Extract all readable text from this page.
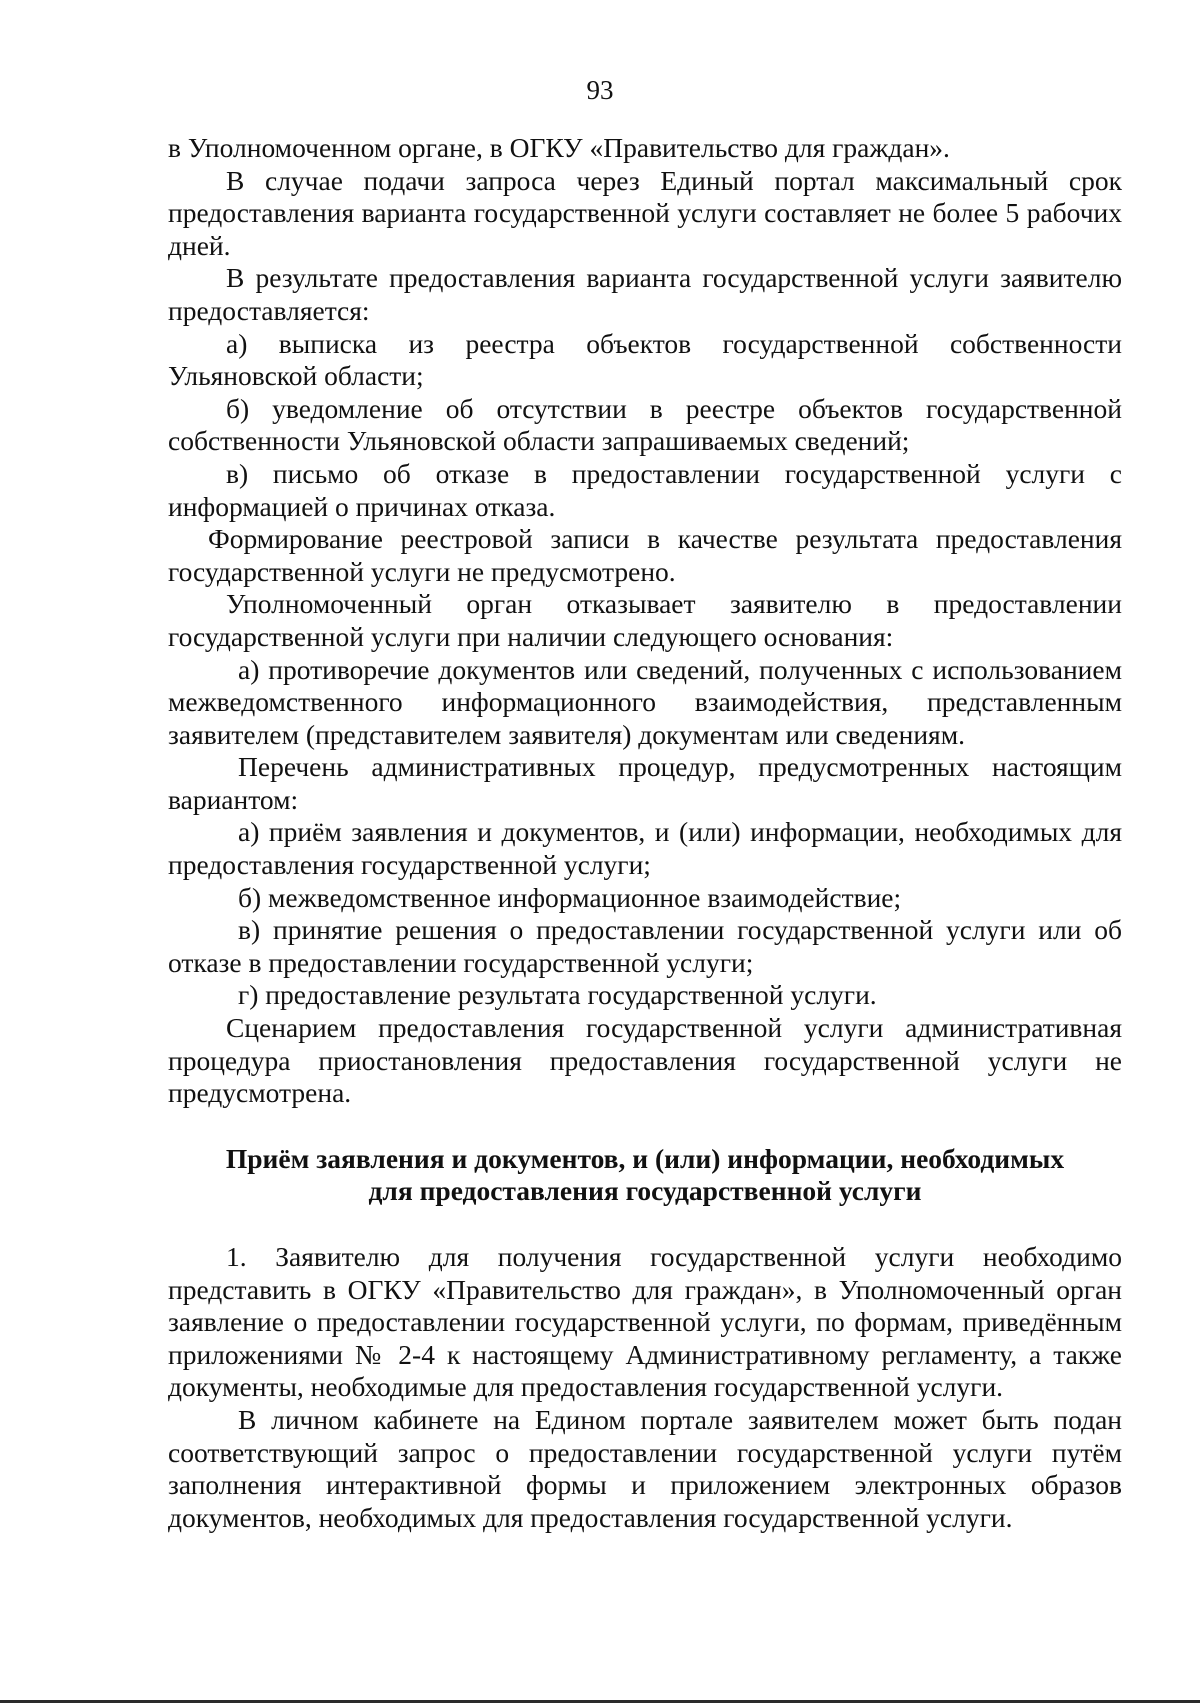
93

в Уполномоченном органе, в ОГКУ «Правительство для граждан».

В случае подачи запроса через Единый портал максимальный срок предоставления варианта государственной услуги составляет не более 5 рабочих дней.

В результате предоставления варианта государственной услуги заявителю предоставляется:

а) выписка из реестра объектов государственной собственности Ульяновской области;

б) уведомление об отсутствии в реестре объектов государственной собственности Ульяновской области запрашиваемых сведений;

в) письмо об отказе в предоставлении государственной услуги с информацией о причинах отказа.

Формирование реестровой записи в качестве результата предоставления государственной услуги не предусмотрено.

Уполномоченный орган отказывает заявителю в предоставлении государственной услуги при наличии следующего основания:

а) противоречие документов или сведений, полученных с использованием межведомственного информационного взаимодействия, представленным заявителем (представителем заявителя) документам или сведениям.

Перечень административных процедур, предусмотренных настоящим вариантом:

а) приём заявления и документов, и (или) информации, необходимых для предоставления государственной услуги;

б) межведомственное информационное взаимодействие;

в) принятие решения о предоставлении государственной услуги или об отказе в предоставлении государственной услуги;

г) предоставление результата государственной услуги.

Сценарием предоставления государственной услуги административная процедура приостановления предоставления государственной услуги не предусмотрена.

Приём заявления и документов, и (или) информации, необходимых

для предоставления государственной услуги

1. Заявителю для получения государственной услуги необходимо представить в ОГКУ «Правительство для граждан», в Уполномоченный орган заявление о предоставлении государственной услуги, по формам, приведённым приложениями № 2-4 к настоящему Административному регламенту, а также документы, необходимые для предоставления государственной услуги.

В личном кабинете на Едином портале заявителем может быть подан соответствующий запрос о предоставлении государственной услуги путём заполнения интерактивной формы и приложением электронных образов документов, необходимых для предоставления государственной услуги.
